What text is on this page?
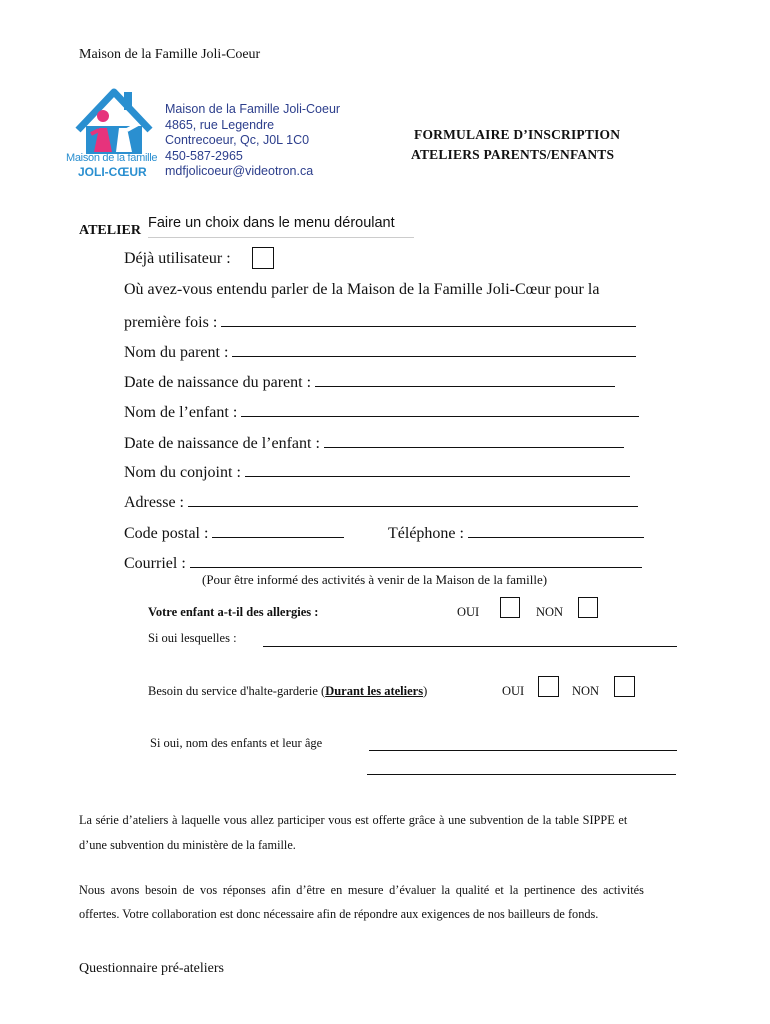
Maison de la Famille Joli-Coeur
Maison de la famille
JOLI-CŒUR
Maison de la Famille Joli-Coeur
4865, rue Legendre
Contrecoeur, Qc, J0L 1C0
450-587-2965
mdfjolicoeur@videotron.ca
FORMULAIRE D’INSCRIPTION
ATELIERS PARENTS/ENFANTS
ATELIER Faire un choix dans le menu déroulant
Déjà utilisateur :
Où avez-vous entendu parler de la Maison de la Famille Joli-Cœur pour la
première fois :
Nom du parent :
Date de naissance du parent :
Nom de l’enfant :
Date de naissance de l’enfant :
Nom du conjoint :
Adresse :
Code postal :	Téléphone :
Courriel :
(Pour être informé des activités à venir de la Maison de la famille)
Votre enfant a-t-il des allergies :	OUI	NON
Si oui lesquelles :
Besoin du service d'halte-garderie (Durant les ateliers)	OUI	NON
Si oui, nom des enfants et leur âge
La série d’ateliers à laquelle vous allez participer vous est offerte grâce à une subvention de la table SIPPE et
d’une subvention du ministère de la famille.
Nous avons besoin de vos réponses afin d’être en mesure d’évaluer la qualité et la pertinence des activités
offertes. Votre collaboration est donc nécessaire afin de répondre aux exigences de nos bailleurs de fonds.
Questionnaire pré-ateliers
